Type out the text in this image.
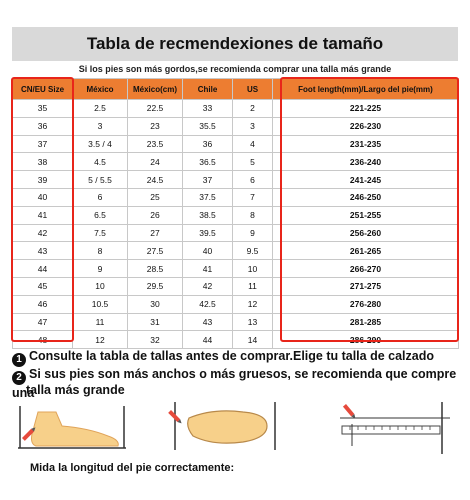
Tabla de recmendexiones de tamaño
Si los pies son más gordos,se recomienda comprar una talla más grande
CN/EU Size	México	México(cm)	Chile	US	Foot length(mm)/Largo del pie(mm)
35	2.5	22.5	33	2	221-225
36	3	23	35.5	3	226-230
37	3.5 / 4	23.5	36	4	231-235
38	4.5	24	36.5	5	236-240
39	5 / 5.5	24.5	37	6	241-245
40	6	25	37.5	7	246-250
41	6.5	26	38.5	8	251-255
42	7.5	27	39.5	9	256-260
43	8	27.5	40	9.5	261-265
44	9	28.5	41	10	266-270
45	10	29.5	42	11	271-275
46	10.5	30	42.5	12	276-280
47	11	31	43	13	281-285
48	12	32	44	14	286-290
1 Consulte la tabla de tallas antes de comprar.Elige tu talla de calzado
2 Si sus pies son más anchos o más gruesos, se recomienda que compre una
talla más grande
Mida la longitud del pie correctamente:
